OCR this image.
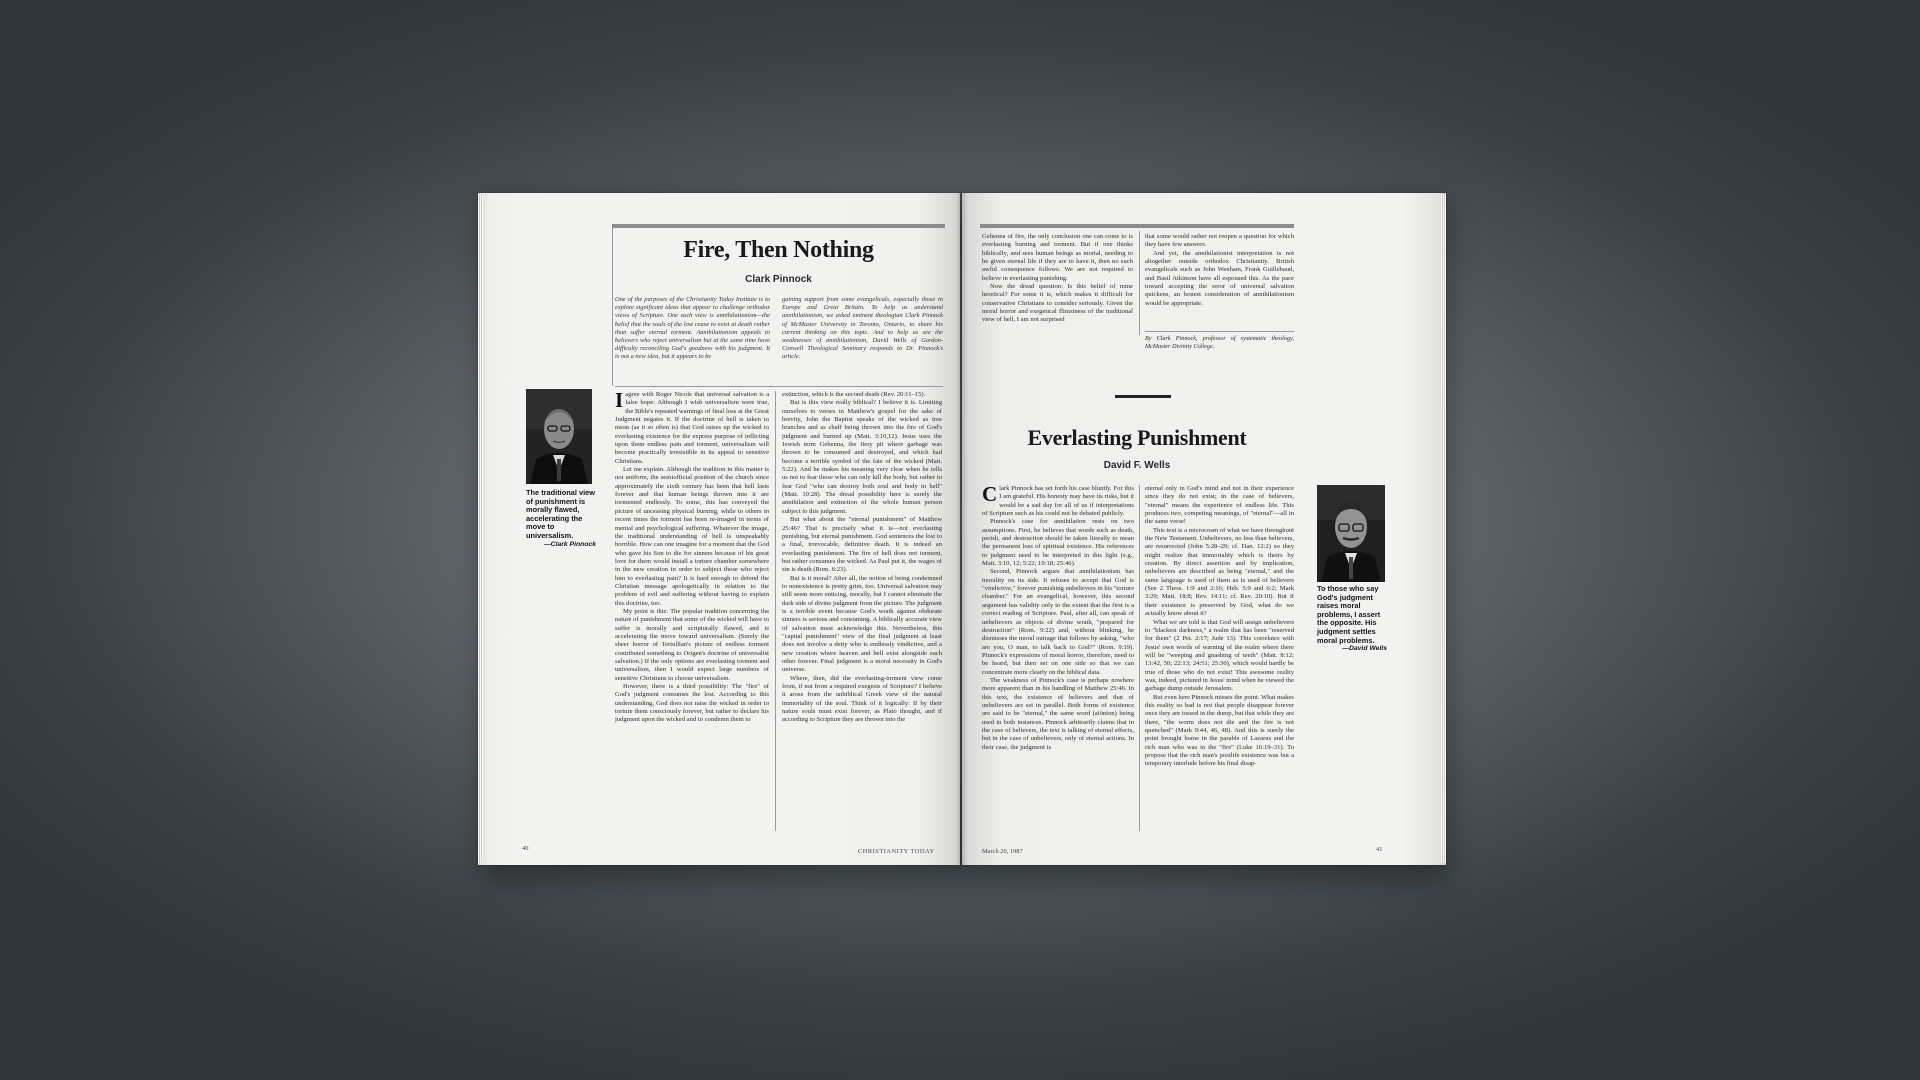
Fire, Then Nothing
Clark Pinnock
One of the purposes of the Christianity Today Institute is to explore significant ideas that appear to challenge orthodox views of Scripture. One such view is annihilationism—the belief that the souls of the lost cease to exist at death rather than suffer eternal torment. Annihilationism appeals to believers who reject universalism but at the same time have difficulty reconciling God's goodness with his judgment. It is not a new idea, but it appears to be
gaining support from some evangelicals, especially those in Europe and Great Britain. To help us understand annihilationism, we asked eminent theologian Clark Pinnock of McMaster University in Toronto, Ontario, to share his current thinking on this topic. And to help us see the weaknesses of annihilationism, David Wells of Gordon-Conwell Theological Seminary responds to Dr. Pinnock's article.
The traditional view of punishment is morally flawed, accelerating the move to universalism.
—Clark Pinnock

Iagree with Roger Nicole that universal salvation is a false hope: Although I wish universalism were true, the Bible's repeated warnings of final loss at the Great Judgment negates it. If the doctrine of hell is taken to mean (as it so often is) that God raises up the wicked to everlasting existence for the express purpose of inflicting upon them endless pain and torment, universalism will become practically irresistible in its appeal to sensitive Christians.

Let me explain. Although the tradition in this matter is not uniform, the semiofficial position of the church since approximately the sixth century has been that hell lasts forever and that human beings thrown into it are tormented endlessly. To some, this has conveyed the picture of unceasing physical burning, while to others in recent times the torment has been re-imaged in terms of mental and psychological suffering. Whatever the image, the traditional understanding of hell is unspeakably horrible. How can one imagine for a moment that the God who gave his Son to die for sinners because of his great love for them would install a torture chamber somewhere in the new creation in order to subject those who reject him to everlasting pain? It is hard enough to defend the Christian message apologetically in relation to the problem of evil and suffering without having to explain this doctrine, too.

My point is this: The popular tradition concerning the nature of punishment that some of the wicked will have to suffer is morally and scripturally flawed, and is accelerating the move toward universalism. (Surely the sheer horror of Tertullian's picture of endless torment contributed something to Origen's doctrine of universalist salvation.) If the only options are everlasting torment and universalism, then I would expect large numbers of sensitive Christians to choose universalism.

However, there is a third possibility: The "fire" of God's judgment consumes the lost. According to this understanding, God does not raise the wicked in order to torture them consciously forever, but rather to declare his judgment upon the wicked and to condemn them to

extinction, which is the second death (Rev. 20:11–15).

But is this view really biblical? I believe it is. Limiting ourselves to verses in Matthew's gospel for the sake of brevity, John the Baptist speaks of the wicked as tree branches and as chaff being thrown into the fire of God's judgment and burned up (Matt. 3:10,12). Jesus uses the Jewish term Gehenna, the fiery pit where garbage was thrown to be consumed and destroyed, and which had become a terrible symbol of the fate of the wicked (Matt. 5:22). And he makes his meaning very clear when he tells us not to fear those who can only kill the body, but rather to fear God "who can destroy both soul and body in hell" (Matt. 10:28). The dread possibility here is surely the annihilation and extinction of the whole human person subject to this judgment.

But what about the "eternal punishment" of Matthew 25:46? That is precisely what it is—not everlasting punishing, but eternal punishment. God sentences the lost to a final, irrevocable, definitive death. It is indeed an everlasting punishment. The fire of hell does not torment, but rather consumes the wicked. As Paul put it, the wages of sin is death (Rom. 6:23).

But is it moral? After all, the notion of being condemned to nonexistence is pretty grim, too. Universal salvation may still seem more enticing, morally, but I cannot eliminate the dark side of divine judgment from the picture. The judgment is a terrible event because God's wrath against obdurate sinners is serious and consuming. A biblically accurate view of salvation must acknowledge this. Nevertheless, this "capital punishment" view of the final judgment at least does not involve a deity who is endlessly vindictive, and a new creation where heaven and hell exist alongside each other forever. Final judgment is a moral necessity in God's universe.

Where, then, did the everlasting-torment view come from, if not from a required exegesis of Scripture? I believe it arose from the unbiblical Greek view of the natural immortality of the soul. Think of it logically: If by their nature souls must exist forever, as Plato thought, and if according to Scripture they are thrown into the

40	CHRISTIANITY TODAY

Gehenna of fire, the only conclusion one can come to is everlasting burning and torment. But if one thinks biblically, and sees human beings as mortal, needing to be given eternal life if they are to have it, then no such awful consequence follows. We are not required to believe in everlasting punishing.

Now the dread question: Is this belief of mine heretical? For some it is, which makes it difficult for conservative Christians to consider seriously. Given the moral horror and exegetical flimsiness of the traditional view of hell, I am not surprised

that some would rather not reopen a question for which they have few answers.

And yet, the annihilationist interpretation is not altogether outside orthodox Christianity. British evangelicals such as John Wenham, Frank Guillebaud, and Basil Atkinson have all espoused this. As the pace toward accepting the error of universal salvation quickens, an honest consideration of annihilationism would be appropriate.

By Clark Pinnock, professor of systematic theology, McMaster Divinity College.
Everlasting Punishment
David F. Wells

Clark Pinnock has set forth his case bluntly. For this I am grateful. His honesty may have its risks, but it would be a sad day for all of us if interpretations of Scripture such as his could not be debated publicly.

Pinnock's case for annihilation rests on two assumptions. First, he believes that words such as death, perish, and destruction should be taken literally to mean the permanent loss of spiritual existence. His references to judgment need to be interpreted in this light (e.g., Matt. 3:10, 12; 5:22; 10:18; 25:46).

Second, Pinnock argues that annihilationism has morality on its side. It refuses to accept that God is "vindictive," forever punishing unbelievers in his "torture chamber." For an evangelical, however, this second argument has validity only to the extent that the first is a correct reading of Scripture. Paul, after all, can speak of unbelievers as objects of divine wrath, "prepared for destruction" (Rom. 9:22) and, without blinking, he dismisses the moral outrage that follows by asking, "who are you, O man, to talk back to God?" (Rom. 9:19). Pinnock's expressions of moral horror, therefore, need to be heard, but then set on one side so that we can concentrate more clearly on the biblical data.

The weakness of Pinnock's case is perhaps nowhere more apparent than in his handling of Matthew 25:46. In this text, the existence of believers and that of unbelievers are set in parallel. Both forms of existence are said to be "eternal," the same word (aiōnion) being used in both instances. Pinnock arbitrarily claims that in the case of believers, the text is talking of eternal effects, but in the case of unbelievers, only of eternal actions. In their case, the judgment is

eternal only in God's mind and not in their experience since they do not exist; in the case of believers, "eternal" means the experience of endless life. This produces two, competing meanings, of "eternal"—all in the same verse!

This text is a microcosm of what we have throughout the New Testament. Unbelievers, no less than believers, are resurrected (John 5:28–29; cf. Dan. 12:2) so they might realize that immortality which is theirs by creation. By direct assertion and by implication, unbelievers are described as being "eternal," and the same language is used of them as is used of believers (See 2 Thess. 1:9 and 2:16; Heb. 5:9 and 6:2; Mark 3:29; Matt. 18:8; Rev. 14:11; cf. Rev. 20:10). But if their existence is preserved by God, what do we actually know about it?

What we are told is that God will assign unbelievers to "blackest darkness," a realm that has been "reserved for them" (2 Pet. 2:17; Jude 13). This correlates with Jesus' own words of warning of the realm where there will be "weeping and gnashing of teeth" (Matt. 8:12; 13:42, 50; 22:13; 24:51; 25:30), which would hardly be true of those who do not exist! This awesome reality was, indeed, pictured in Jesus' mind when he viewed the garbage dump outside Jerusalem.

But even here Pinnock misses the point. What makes this reality so bad is not that people disappear forever once they are tossed in the dump, but that while they are there, "the worm does not die and the fire is not quenched" (Mark 9:44, 46, 48). And this is surely the point brought home in the parable of Lazarus and the rich man who was in the "fire" (Luke 16:19–31). To propose that the rich man's postlife existence was but a temporary interlude before his final disap-

To those who say God's judgment raises moral problems, I assert the opposite. His judgment settles moral problems.
—David Wells
March 20, 1987	41
